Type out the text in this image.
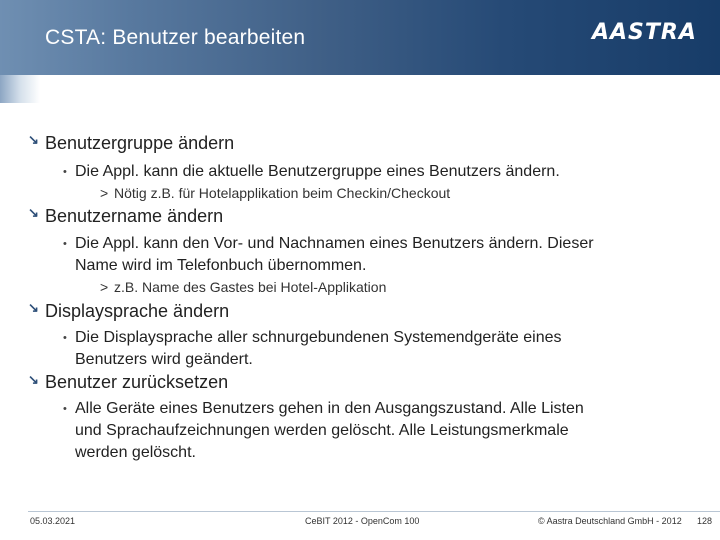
CSTA: Benutzer bearbeiten	AASTRA
↘ Benutzergruppe ändern
• Die Appl. kann die aktuelle Benutzergruppe eines Benutzers ändern.
> Nötig z.B. für Hotelapplikation beim Checkin/Checkout
↘ Benutzername ändern
• Die Appl. kann den Vor- und Nachnamen eines Benutzers ändern. Dieser
Name wird im Telefonbuch übernommen.
> z.B. Name des Gastes bei Hotel-Applikation
↘ Displaysprache ändern
• Die Displaysprache aller schnurgebundenen Systemendgeräte eines
Benutzers wird geändert.
↘ Benutzer zurücksetzen
• Alle Geräte eines Benutzers gehen in den Ausgangszustand. Alle Listen
und Sprachaufzeichnungen werden gelöscht. Alle Leistungsmerkmale
werden gelöscht.
05.03.2021	CeBIT 2012 - OpenCom 100	© Aastra Deutschland GmbH - 2012 128
